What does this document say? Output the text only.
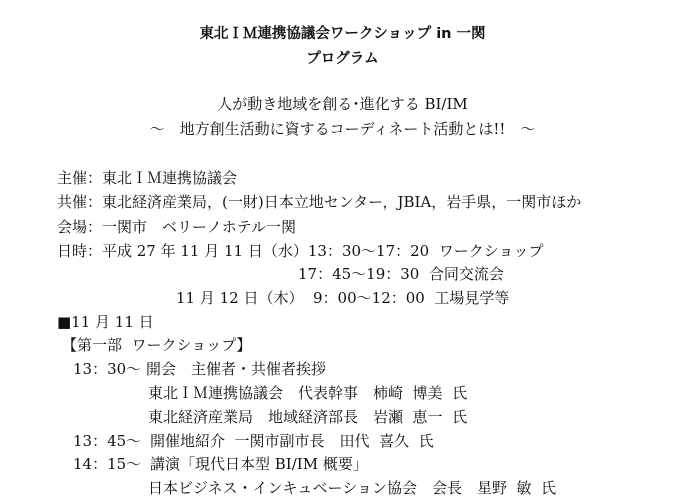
東北ＩＭ連携協議会ワークショップ in 一関
プログラム
人が動き地域を創る･進化する BI/IM
～　地方創生活動に資するコーディネート活動とは!!　～
主催：東北ＩＭ連携協議会
共催：東北経済産業局，(一財)日本立地センター，JBIA，岩手県，一関市ほか
会場：一関市　ベリーノホテル一関
日時：平成 27 年 11 月 11 日（水）13：30～17：20  ワークショップ
17：45～19：30  合同交流会
11 月 12 日（木）  9：00～12：00  工場見学等
■11 月 11 日
【第一部  ワークショップ】
13：30～ 開会　主催者・共催者挨拶
東北ＩＭ連携協議会　代表幹事　柿崎  博美  氏
東北経済産業局　地域経済部長　岩瀬  恵一  氏
13：45～ 開催地紹介  一関市副市長　田代  喜久  氏
14：15～ 講演「現代日本型 BI/IM 概要」
日本ビジネス・インキュベーション協会　会長　星野  敏  氏
